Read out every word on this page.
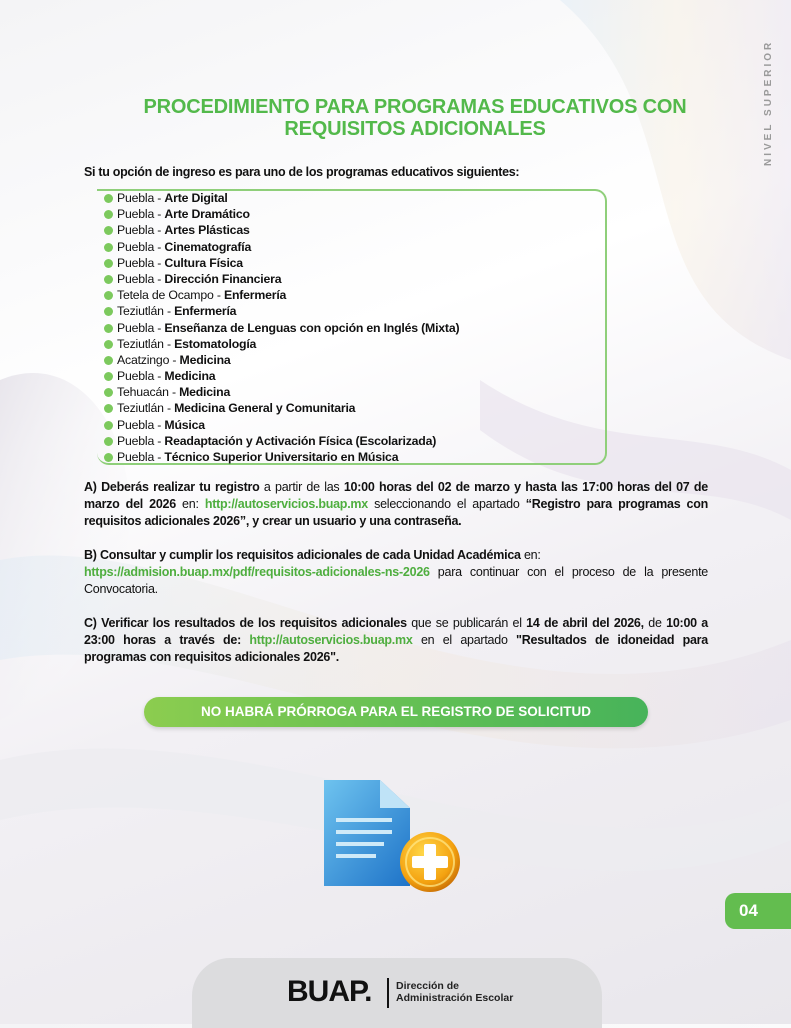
NIVEL SUPERIOR
PROCEDIMIENTO PARA PROGRAMAS EDUCATIVOS CON
REQUISITOS ADICIONALES
Si tu opción de ingreso es para uno de los programas educativos siguientes:
Puebla - Arte Digital
Puebla - Arte Dramático
Puebla - Artes Plásticas
Puebla - Cinematografía
Puebla - Cultura Física
Puebla - Dirección Financiera
Tetela de Ocampo - Enfermería
Teziutlán - Enfermería
Puebla - Enseñanza de Lenguas con opción en Inglés (Mixta)
Teziutlán - Estomatología
Acatzingo - Medicina
Puebla - Medicina
Tehuacán - Medicina
Teziutlán - Medicina General y Comunitaria
Puebla - Música
Puebla - Readaptación y Activación Física (Escolarizada)
Puebla - Técnico Superior Universitario en Música
A) Deberás realizar tu registro a partir de las 10:00 horas del 02 de marzo y hasta las 17:00 horas del 07 de marzo del 2026 en: http://autoservicios.buap.mx seleccionando el apartado “Registro para programas con requisitos adicionales 2026”, y crear un usuario y una contraseña.
B) Consultar y cumplir los requisitos adicionales de cada Unidad Académica en:
https://admision.buap.mx/pdf/requisitos-adicionales-ns-2026 para continuar con el proceso de la presente Convocatoria.
C) Verificar los resultados de los requisitos adicionales que se publicarán el 14 de abril del 2026, de 10:00 a 23:00 horas a través de: http://autoservicios.buap.mx en el apartado "Resultados de idoneidad para programas con requisitos adicionales 2026".
NO HABRÁ PRÓRROGA PARA EL REGISTRO DE SOLICITUD
04
BUAP. Dirección de
Administración Escolar
